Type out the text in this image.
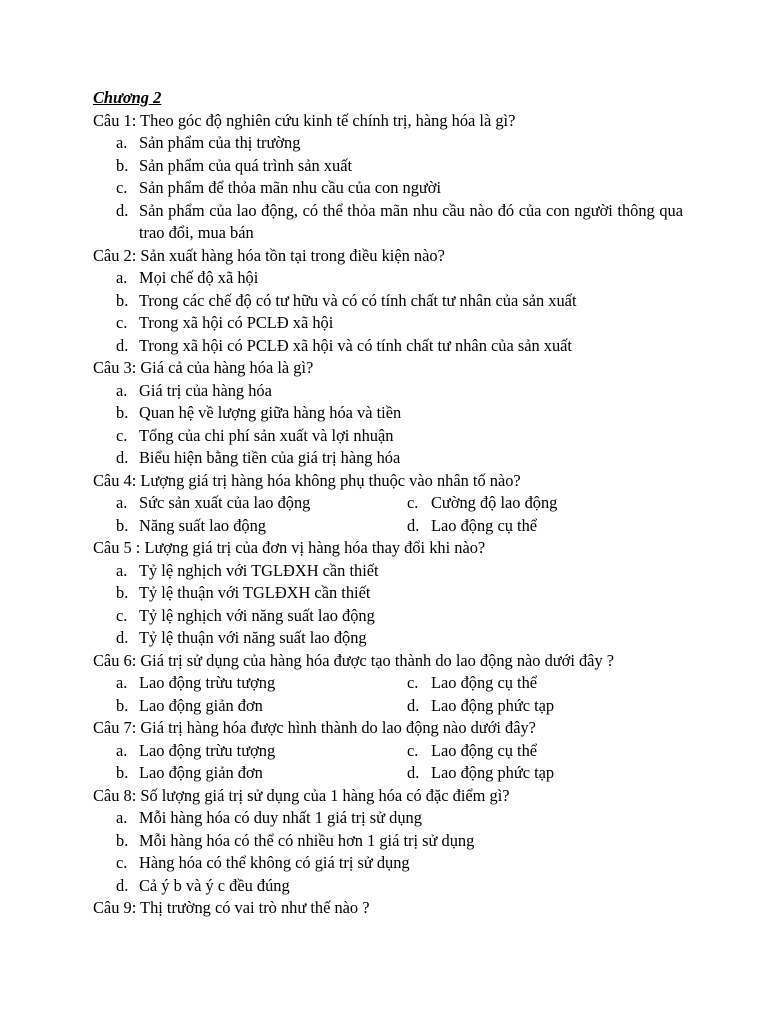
Chương 2
Câu 1: Theo góc độ nghiên cứu kinh tế chính trị, hàng hóa là gì?
a. Sản phẩm của thị trường
b. Sản phẩm của quá trình sản xuất
c. Sản phẩm để thỏa mãn nhu cầu của con người
d. Sản phẩm của lao động, có thể thỏa mãn nhu cầu nào đó của con người thông qua trao đổi, mua bán
Câu 2: Sản xuất hàng hóa tồn tại trong điều kiện nào?
a. Mọi chế độ xã hội
b. Trong các chế độ có tư hữu và có có tính chất tư nhân của sản xuất
c. Trong xã hội có PCLĐ xã hội
d. Trong xã hội có PCLĐ xã hội và có tính chất tư nhân của sản xuất
Câu 3: Giá cả của hàng hóa là gì?
a. Giá trị của hàng hóa
b. Quan hệ về lượng giữa hàng hóa và tiền
c. Tổng của chi phí sản xuất và lợi nhuận
d. Biểu hiện bằng tiền của giá trị hàng hóa
Câu 4: Lượng giá trị hàng hóa không phụ thuộc vào nhân tố nào?
a. Sức sản xuất của lao động	c. Cường độ lao động
b. Năng suất lao động	d. Lao động cụ thể
Câu 5 : Lượng giá trị của đơn vị hàng hóa thay đổi khi nào?
a. Tỷ lệ nghịch với TGLĐXH cần thiết
b. Tỷ lệ thuận với TGLĐXH cần thiết
c. Tỷ lệ nghịch với năng suất lao động
d. Tỷ lệ thuận với năng suất lao động
Câu 6: Giá trị sử dụng của hàng hóa được tạo thành do lao động nào dưới đây ?
a. Lao động trừu tượng	c. Lao động cụ thể
b. Lao động giản đơn	d. Lao động phức tạp
Câu 7: Giá trị hàng hóa được hình thành do lao động nào dưới đây?
a. Lao động trừu tượng	c. Lao động cụ thể
b. Lao động giản đơn	d. Lao động phức tạp
Câu 8: Số lượng giá trị sử dụng của 1 hàng hóa có đặc điểm gì?
a. Mỗi hàng hóa có duy nhất 1 giá trị sử dụng
b. Mỗi hàng hóa có thể có nhiều hơn 1 giá trị sử dụng
c. Hàng hóa có thể không có giá trị sử dụng
d. Cả ý b và ý c đều đúng
Câu 9: Thị trường có vai trò như thế nào ?
